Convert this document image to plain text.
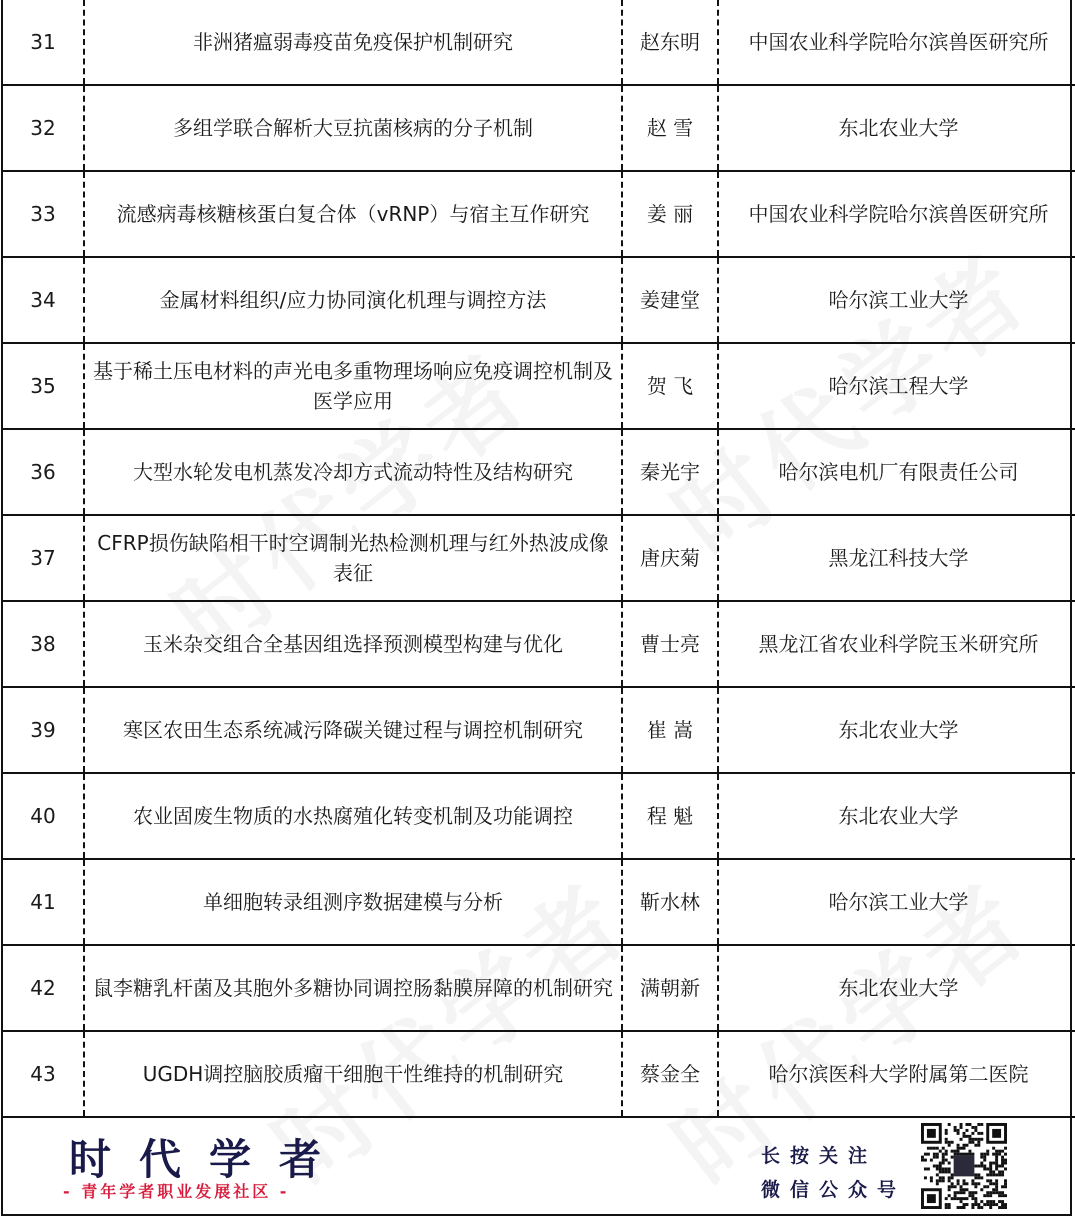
31	非洲猪瘟弱毒疫苗免疫保护机制研究	赵东明	中国农业科学院哈尔滨兽医研究所
32	多组学联合解析大豆抗菌核病的分子机制	赵 雪	东北农业大学
33	流感病毒核糖核蛋白复合体（vRNP）与宿主互作研究	姜 丽	中国农业科学院哈尔滨兽医研究所
34	金属材料组织/应力协同演化机理与调控方法	姜建堂	哈尔滨工业大学
35	基于稀土压电材料的声光电多重物理场响应免疫调控机制及医学应用	贺 飞	哈尔滨工程大学
36	大型水轮发电机蒸发冷却方式流动特性及结构研究	秦光宇	哈尔滨电机厂有限责任公司
37	CFRP损伤缺陷相干时空调制光热检测机理与红外热波成像表征	唐庆菊	黑龙江科技大学
38	玉米杂交组合全基因组选择预测模型构建与优化	曹士亮	黑龙江省农业科学院玉米研究所
39	寒区农田生态系统减污降碳关键过程与调控机制研究	崔 嵩	东北农业大学
40	农业固废生物质的水热腐殖化转变机制及功能调控	程 魁	东北农业大学
41	单细胞转录组测序数据建模与分析	靳水林	哈尔滨工业大学
42	鼠李糖乳杆菌及其胞外多糖协同调控肠黏膜屏障的机制研究	满朝新	东北农业大学
43	UGDH调控脑胶质瘤干细胞干性维持的机制研究	蔡金全	哈尔滨医科大学附属第二医院
时代学者
- 青年学者职业发展社区 -
长按关注
微信公众号
